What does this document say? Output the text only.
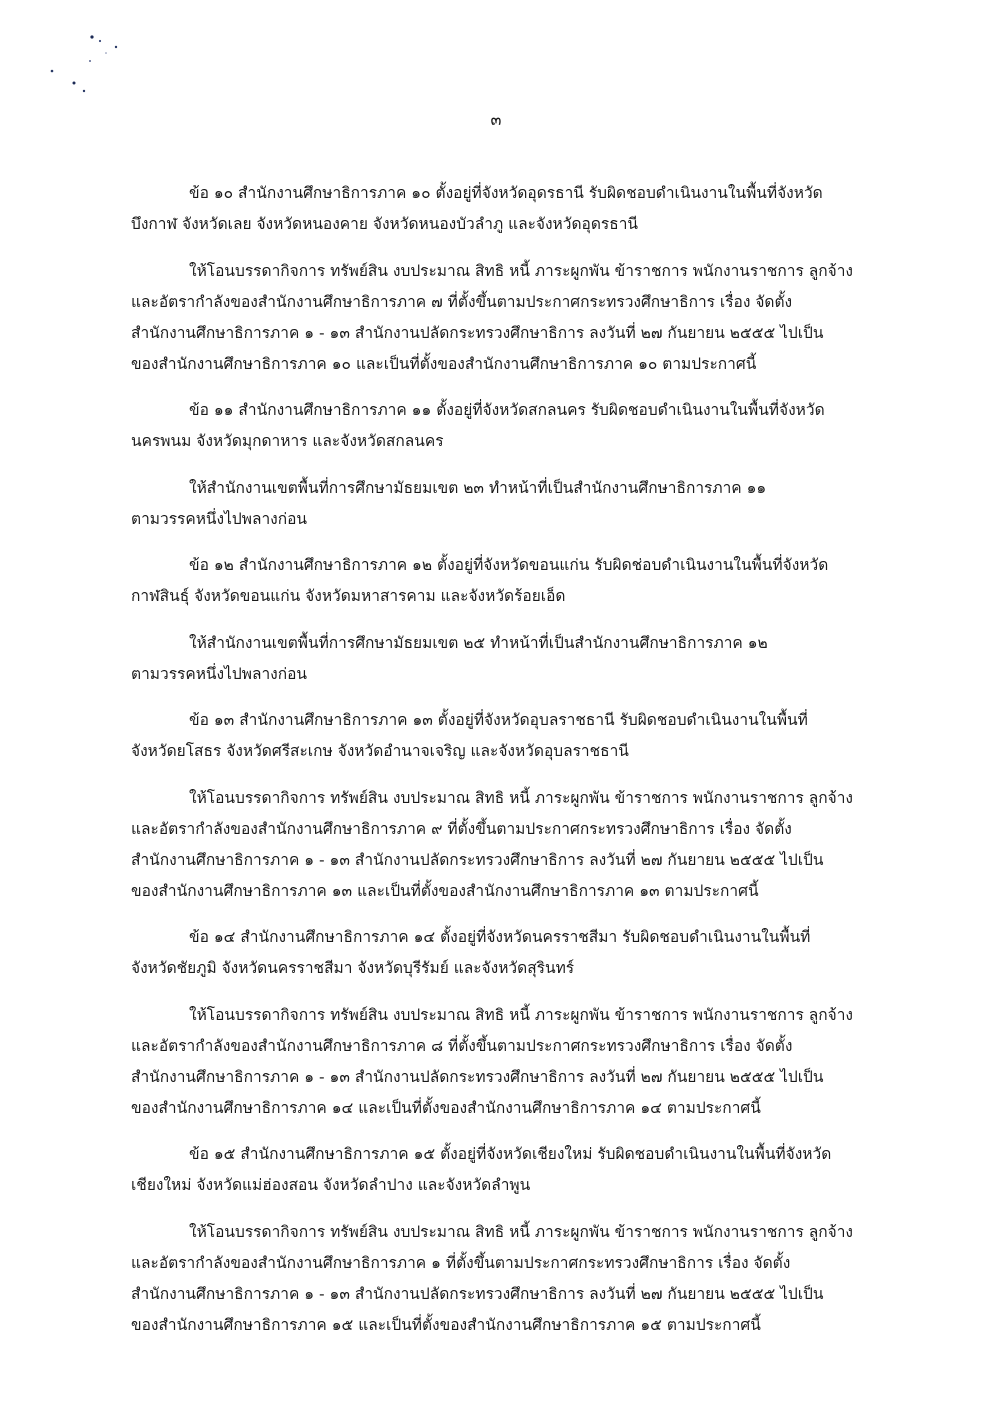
๓

ข้อ ๑๐ สำนักงานศึกษาธิการภาค ๑๐ ตั้งอยู่ที่จังหวัดอุดรธานี รับผิดชอบดำเนินงานในพื้นที่จังหวัด
บึงกาฬ จังหวัดเลย จังหวัดหนองคาย จังหวัดหนองบัวลำภู และจังหวัดอุดรธานี

ให้โอนบรรดากิจการ ทรัพย์สิน งบประมาณ สิทธิ หนี้ ภาระผูกพัน ข้าราชการ พนักงานราชการ ลูกจ้าง
และอัตรากำลังของสำนักงานศึกษาธิการภาค ๗ ที่ตั้งขึ้นตามประกาศกระทรวงศึกษาธิการ เรื่อง จัดตั้ง
สำนักงานศึกษาธิการภาค ๑ - ๑๓ สำนักงานปลัดกระทรวงศึกษาธิการ ลงวันที่ ๒๗ กันยายน ๒๕๕๕ ไปเป็น
ของสำนักงานศึกษาธิการภาค ๑๐ และเป็นที่ตั้งของสำนักงานศึกษาธิการภาค ๑๐ ตามประกาศนี้

ข้อ ๑๑ สำนักงานศึกษาธิการภาค ๑๑ ตั้งอยู่ที่จังหวัดสกลนคร รับผิดชอบดำเนินงานในพื้นที่จังหวัด
นครพนม จังหวัดมุกดาหาร และจังหวัดสกลนคร

ให้สำนักงานเขตพื้นที่การศึกษามัธยมเขต ๒๓ ทำหน้าที่เป็นสำนักงานศึกษาธิการภาค ๑๑
ตามวรรคหนึ่งไปพลางก่อน

ข้อ ๑๒ สำนักงานศึกษาธิการภาค ๑๒ ตั้งอยู่ที่จังหวัดขอนแก่น รับผิดช่อบดำเนินงานในพื้นที่จังหวัด
กาฬสินธุ์ จังหวัดขอนแก่น จังหวัดมหาสารคาม และจังหวัดร้อยเอ็ด

ให้สำนักงานเขตพื้นที่การศึกษามัธยมเขต ๒๕ ทำหน้าที่เป็นสำนักงานศึกษาธิการภาค ๑๒
ตามวรรคหนึ่งไปพลางก่อน

ข้อ ๑๓ สำนักงานศึกษาธิการภาค ๑๓ ตั้งอยู่ที่จังหวัดอุบลราชธานี รับผิดชอบดำเนินงานในพื้นที่
จังหวัดยโสธร จังหวัดศรีสะเกษ จังหวัดอำนาจเจริญ และจังหวัดอุบลราชธานี

ให้โอนบรรดากิจการ ทรัพย์สิน งบประมาณ สิทธิ หนี้ ภาระผูกพัน ข้าราชการ พนักงานราชการ ลูกจ้าง
และอัตรากำลังของสำนักงานศึกษาธิการภาค ๙ ที่ตั้งขึ้นตามประกาศกระทรวงศึกษาธิการ เรื่อง จัดตั้ง
สำนักงานศึกษาธิการภาค ๑ - ๑๓ สำนักงานปลัดกระทรวงศึกษาธิการ ลงวันที่ ๒๗ กันยายน ๒๕๕๕ ไปเป็น
ของสำนักงานศึกษาธิการภาค ๑๓ และเป็นที่ตั้งของสำนักงานศึกษาธิการภาค ๑๓ ตามประกาศนี้

ข้อ ๑๔ สำนักงานศึกษาธิการภาค ๑๔ ตั้งอยู่ที่จังหวัดนครราชสีมา รับผิดชอบดำเนินงานในพื้นที่
จังหวัดชัยภูมิ จังหวัดนครราชสีมา จังหวัดบุรีรัมย์ และจังหวัดสุรินทร์

ให้โอนบรรดากิจการ ทรัพย์สิน งบประมาณ สิทธิ หนี้ ภาระผูกพัน ข้าราชการ พนักงานราชการ ลูกจ้าง
และอัตรากำลังของสำนักงานศึกษาธิการภาค ๘ ที่ตั้งขึ้นตามประกาศกระทรวงศึกษาธิการ เรื่อง จัดตั้ง
สำนักงานศึกษาธิการภาค ๑ - ๑๓ สำนักงานปลัดกระทรวงศึกษาธิการ ลงวันที่ ๒๗ กันยายน ๒๕๕๕ ไปเป็น
ของสำนักงานศึกษาธิการภาค ๑๔ และเป็นที่ตั้งของสำนักงานศึกษาธิการภาค ๑๔ ตามประกาศนี้

ข้อ ๑๕ สำนักงานศึกษาธิการภาค ๑๕ ตั้งอยู่ที่จังหวัดเชียงใหม่ รับผิดชอบดำเนินงานในพื้นที่จังหวัด
เชียงใหม่ จังหวัดแม่ฮ่องสอน จังหวัดลำปาง และจังหวัดลำพูน

ให้โอนบรรดากิจการ ทรัพย์สิน งบประมาณ สิทธิ หนี้ ภาระผูกพัน ข้าราชการ พนักงานราชการ ลูกจ้าง
และอัตรากำลังของสำนักงานศึกษาธิการภาค ๑ ที่ตั้งขึ้นตามประกาศกระทรวงศึกษาธิการ เรื่อง จัดตั้ง
สำนักงานศึกษาธิการภาค ๑ - ๑๓ สำนักงานปลัดกระทรวงศึกษาธิการ ลงวันที่ ๒๗ กันยายน ๒๕๕๕ ไปเป็น
ของสำนักงานศึกษาธิการภาค ๑๕ และเป็นที่ตั้งของสำนักงานศึกษาธิการภาค ๑๕ ตามประกาศนี้
